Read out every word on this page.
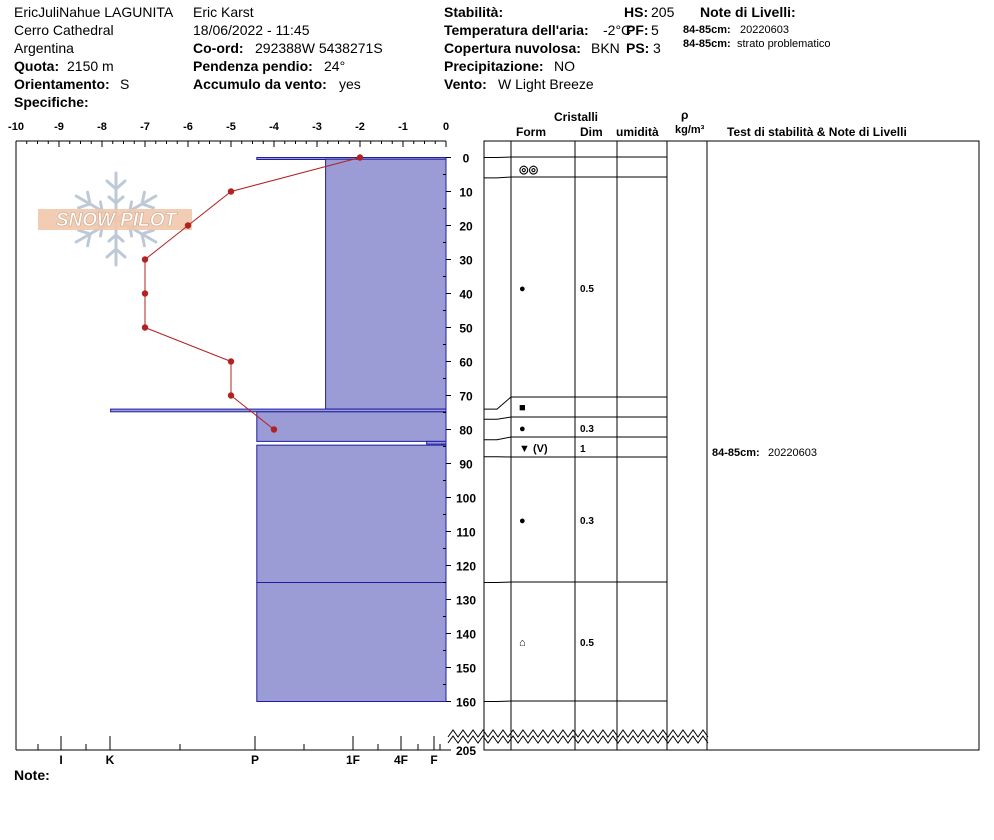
EricJuliNahue LAGUNITA Eric Karst
Cerro Cathedral	18/06/2022 - 11:45
Argentina	Co-ord: 292388W 5438271S
Quota: 2150 m	Pendenza pendio: 24°
Orientamento: S	Accumulo da vento: yes
Specifiche:
Stabilità:
Temperatura dell'aria: -2°C
Copertura nuvolosa: BKN
Precipitazione: NO
Vento: W Light Breeze
HS: 205
PF: 5
PS: 3
Note di Livelli:
84-85cm: 20220603
84-85cm: strato problematico
SNOW PILOT
-10	-9	-8	-7	-6	-5	-4	-3	-2	-1	0
0
10
20
30
40
50
60
70
80
90
100
110
120
130
140
150
160
205
I	K	P	1F	4F F
◎◎
●	0.5
■
●	0.3
▼ (V)	1
●	0.3
⌂	0.5
Cristalli
Form	Dim umidità
ρ
kg/m³ Test di stabilità & Note di Livelli
84-85cm: 20220603
Note:
